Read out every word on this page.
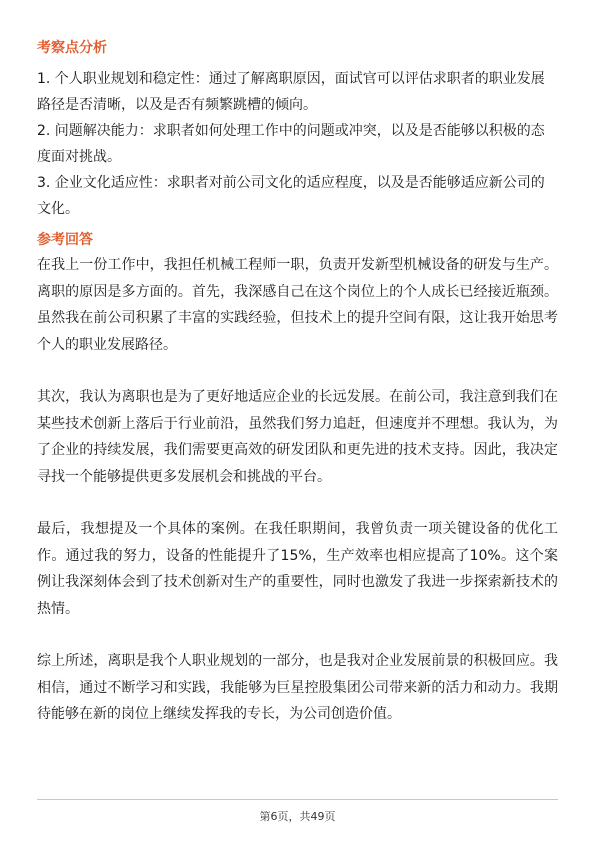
考察点分析

1. 个人职业规划和稳定性：通过了解离职原因，面试官可以评估求职者的职业发展路径是否清晰，以及是否有频繁跳槽的倾向。

2. 问题解决能力：求职者如何处理工作中的问题或冲突，以及是否能够以积极的态度面对挑战。

3. 企业文化适应性：求职者对前公司文化的适应程度，以及是否能够适应新公司的文化。

参考回答

在我上一份工作中，我担任机械工程师一职，负责开发新型机械设备的研发与生产。离职的原因是多方面的。首先，我深感自己在这个岗位上的个人成长已经接近瓶颈。虽然我在前公司积累了丰富的实践经验，但技术上的提升空间有限，这让我开始思考个人的职业发展路径。

其次，我认为离职也是为了更好地适应企业的长远发展。在前公司，我注意到我们在某些技术创新上落后于行业前沿，虽然我们努力追赶，但速度并不理想。我认为，为了企业的持续发展，我们需要更高效的研发团队和更先进的技术支持。因此，我决定寻找一个能够提供更多发展机会和挑战的平台。

最后，我想提及一个具体的案例。在我任职期间，我曾负责一项关键设备的优化工作。通过我的努力，设备的性能提升了15%，生产效率也相应提高了10%。这个案例让我深刻体会到了技术创新对生产的重要性，同时也激发了我进一步探索新技术的热情。

综上所述，离职是我个人职业规划的一部分，也是我对企业发展前景的积极回应。我相信，通过不断学习和实践，我能够为巨星控股集团公司带来新的活力和动力。我期待能够在新的岗位上继续发挥我的专长，为公司创造价值。

第6页，共49页
